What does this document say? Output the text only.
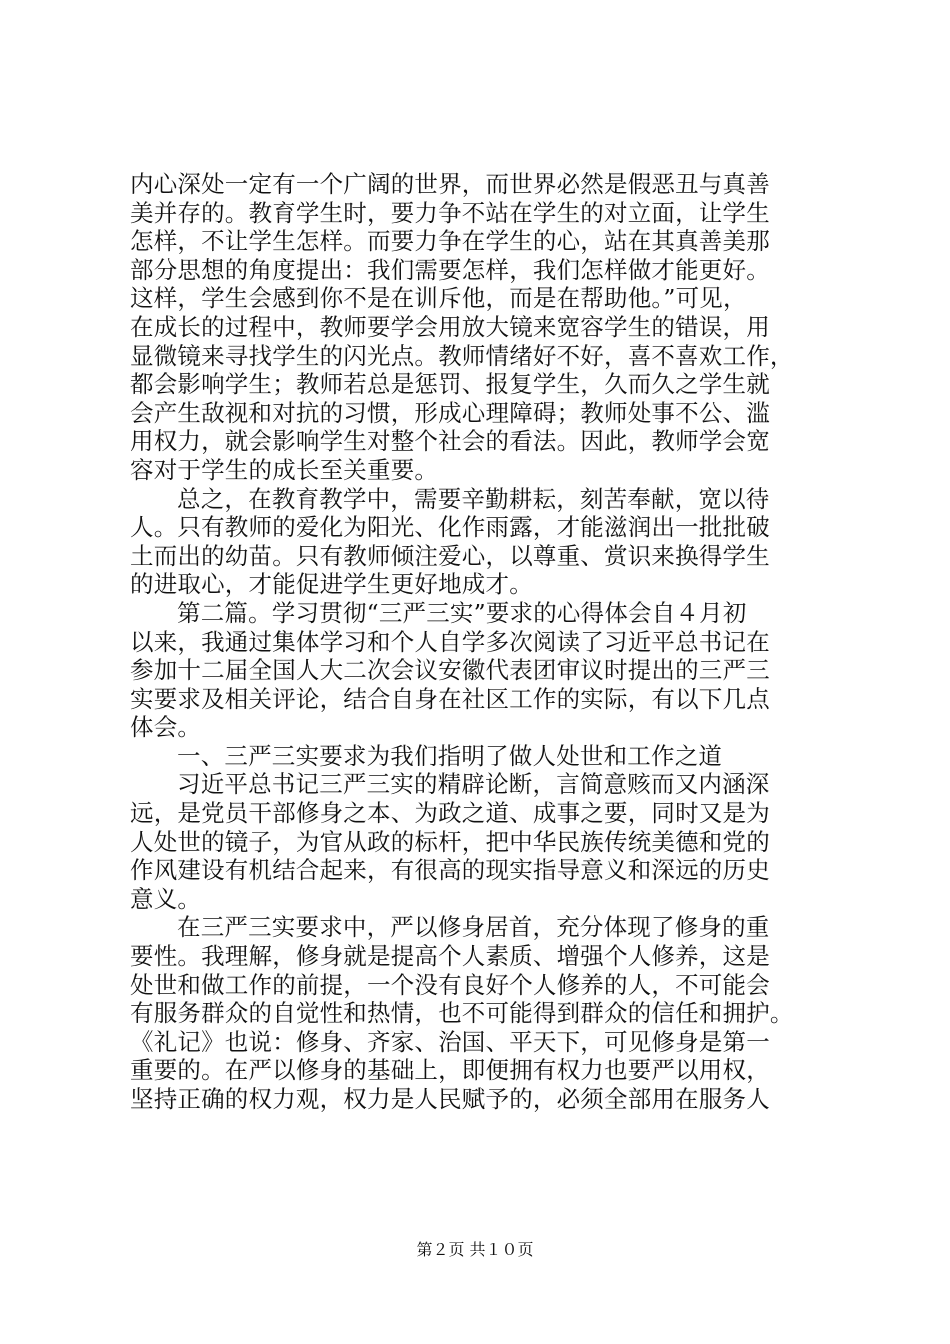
内心深处一定有一个广阔的世界，而世界必然是假恶丑与真善
美并存的。教育学生时，要力争不站在学生的对立面，让学生
怎样，不让学生怎样。而要力争在学生的心，站在其真善美那
部分思想的角度提出：我们需要怎样，我们怎样做才能更好。
这样，学生会感到你不是在训斥他，而是在帮助他。”可见，
在成长的过程中，教师要学会用放大镜来宽容学生的错误，用
显微镜来寻找学生的闪光点。教师情绪好不好，喜不喜欢工作，
都会影响学生；教师若总是惩罚、报复学生，久而久之学生就
会产生敌视和对抗的习惯，形成心理障碍；教师处事不公、滥
用权力，就会影响学生对整个社会的看法。因此，教师学会宽
容对于学生的成长至关重要。
总之，在教育教学中，需要辛勤耕耘，刻苦奉献，宽以待
人。只有教师的爱化为阳光、化作雨露，才能滋润出一批批破
土而出的幼苗。只有教师倾注爱心，以尊重、赏识来换得学生
的进取心，才能促进学生更好地成才。
第二篇。学习贯彻“三严三实”要求的心得体会自４月初
以来，我通过集体学习和个人自学多次阅读了习近平总书记在
参加十二届全国人大二次会议安徽代表团审议时提出的三严三
实要求及相关评论，结合自身在社区工作的实际，有以下几点
体会。
一、三严三实要求为我们指明了做人处世和工作之道
习近平总书记三严三实的精辟论断，言简意赅而又内涵深
远，是党员干部修身之本、为政之道、成事之要，同时又是为
人处世的镜子，为官从政的标杆，把中华民族传统美德和党的
作风建设有机结合起来，有很高的现实指导意义和深远的历史
意义。
在三严三实要求中，严以修身居首，充分体现了修身的重
要性。我理解，修身就是提高个人素质、增强个人修养，这是
处世和做工作的前提，一个没有良好个人修养的人，不可能会
有服务群众的自觉性和热情，也不可能得到群众的信任和拥护。
《礼记》也说：修身、齐家、治国、平天下，可见修身是第一
重要的。在严以修身的基础上，即便拥有权力也要严以用权，
坚持正确的权力观，权力是人民赋予的，必须全部用在服务人
第２页 共１０页
